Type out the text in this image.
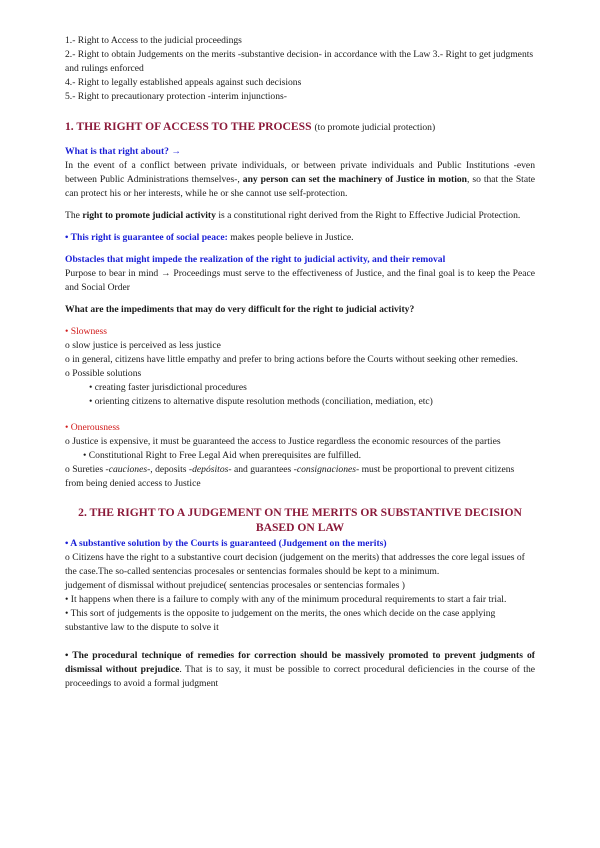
1.- Right to Access to the judicial proceedings

2.- Right to obtain Judgements on the merits -substantive decision- in accordance with the Law 3.- Right to get judgments and rulings enforced

4.- Right to legally established appeals against such decisions

5.- Right to precautionary protection -interim injunctions-

1. THE RIGHT OF ACCESS TO THE PROCESS (to promote judicial protection)

What is that right about? →

In the event of a conflict between private individuals, or between private individuals and Public Institutions -even between Public Administrations themselves-, any person can set the machinery of Justice in motion, so that the State can protect his or her interests, while he or she cannot use self-protection.

The right to promote judicial activity is a constitutional right derived from the Right to Effective Judicial Protection.

• This right is guarantee of social peace: makes people believe in Justice.

Obstacles that might impede the realization of the right to judicial activity, and their removal

Purpose to bear in mind → Proceedings must serve to the effectiveness of Justice, and the final goal is to keep the Peace and Social Order

What are the impediments that may do very difficult for the right to judicial activity?

• Slowness

o slow justice is perceived as less justice

o in general, citizens have little empathy and prefer to bring actions before the Courts without seeking other remedies.

o Possible solutions

• creating faster jurisdictional procedures

• orienting citizens to alternative dispute resolution methods (conciliation, mediation, etc)

• Onerousness

o Justice is expensive, it must be guaranteed the access to Justice regardless the economic resources of the parties

• Constitutional Right to Free Legal Aid when prerequisites are fulfilled.

o Sureties -cauciones-, deposits -depósitos- and guarantees -consignaciones- must be proportional to prevent citizens from being denied access to Justice

2. THE RIGHT TO A JUDGEMENT ON THE MERITS OR SUBSTANTIVE DECISION BASED ON LAW

• A substantive solution by the Courts is guaranteed (Judgement on the merits)

o Citizens have the right to a substantive court decision (judgement on the merits) that addresses the core legal issues of the case.The so-called sentencias procesales or sentencias formales should be kept to a minimum.

judgement of dismissal without prejudice( sentencias procesales or sentencias formales )

• It happens when there is a failure to comply with any of the minimum procedural requirements to start a fair trial.

• This sort of judgements is the opposite to judgement on the merits, the ones which decide on the case applying substantive law to the dispute to solve it

• The procedural technique of remedies for correction should be massively promoted to prevent judgments of dismissal without prejudice. That is to say, it must be possible to correct procedural deficiencies in the course of the proceedings to avoid a formal judgment
